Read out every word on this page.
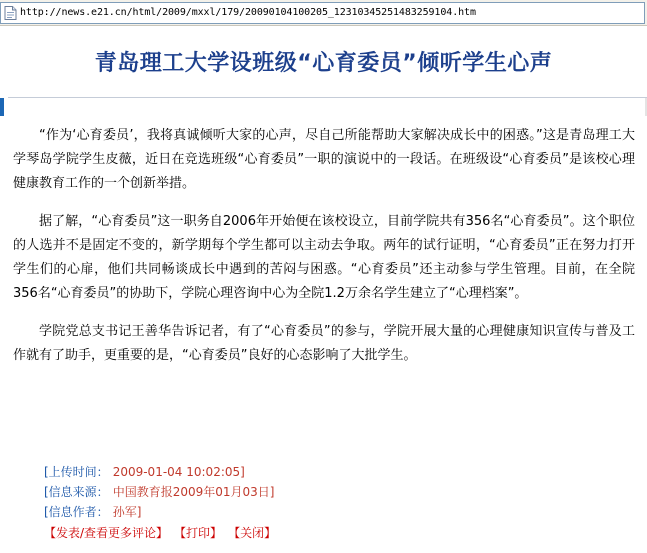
http://news.e21.cn/html/2009/mxxl/179/20090104100205_12310345251483259104.htm
青岛理工大学设班级“心育委员”倾听学生心声

“作为‘心育委员’，我将真诚倾听大家的心声，尽自己所能帮助大家解决成长中的困惑。”这是青岛理工大学琴岛学院学生皮薇，近日在竞选班级“心育委员”一职的演说中的一段话。在班级设“心育委员”是该校心理健康教育工作的一个创新举措。

据了解，“心育委员”这一职务自2006年开始便在该校设立，目前学院共有356名“心育委员”。这个职位的人选并不是固定不变的，新学期每个学生都可以主动去争取。两年的试行证明，“心育委员”正在努力打开学生们的心扉，他们共同畅谈成长中遇到的苦闷与困惑。“心育委员”还主动参与学生管理。目前，在全院356名“心育委员”的协助下，学院心理咨询中心为全院1.2万余名学生建立了“心理档案”。

学院党总支书记王善华告诉记者，有了“心育委员”的参与，学院开展大量的心理健康知识宣传与普及工作就有了助手，更重要的是，“心育委员”良好的心态影响了大批学生。

[上传时间： 2009-01-04 10:02:05]
[信息来源： 中国教育报2009年01月03日]
[信息作者： 孙军]
【发表/查看更多评论】 【打印】 【关闭】
